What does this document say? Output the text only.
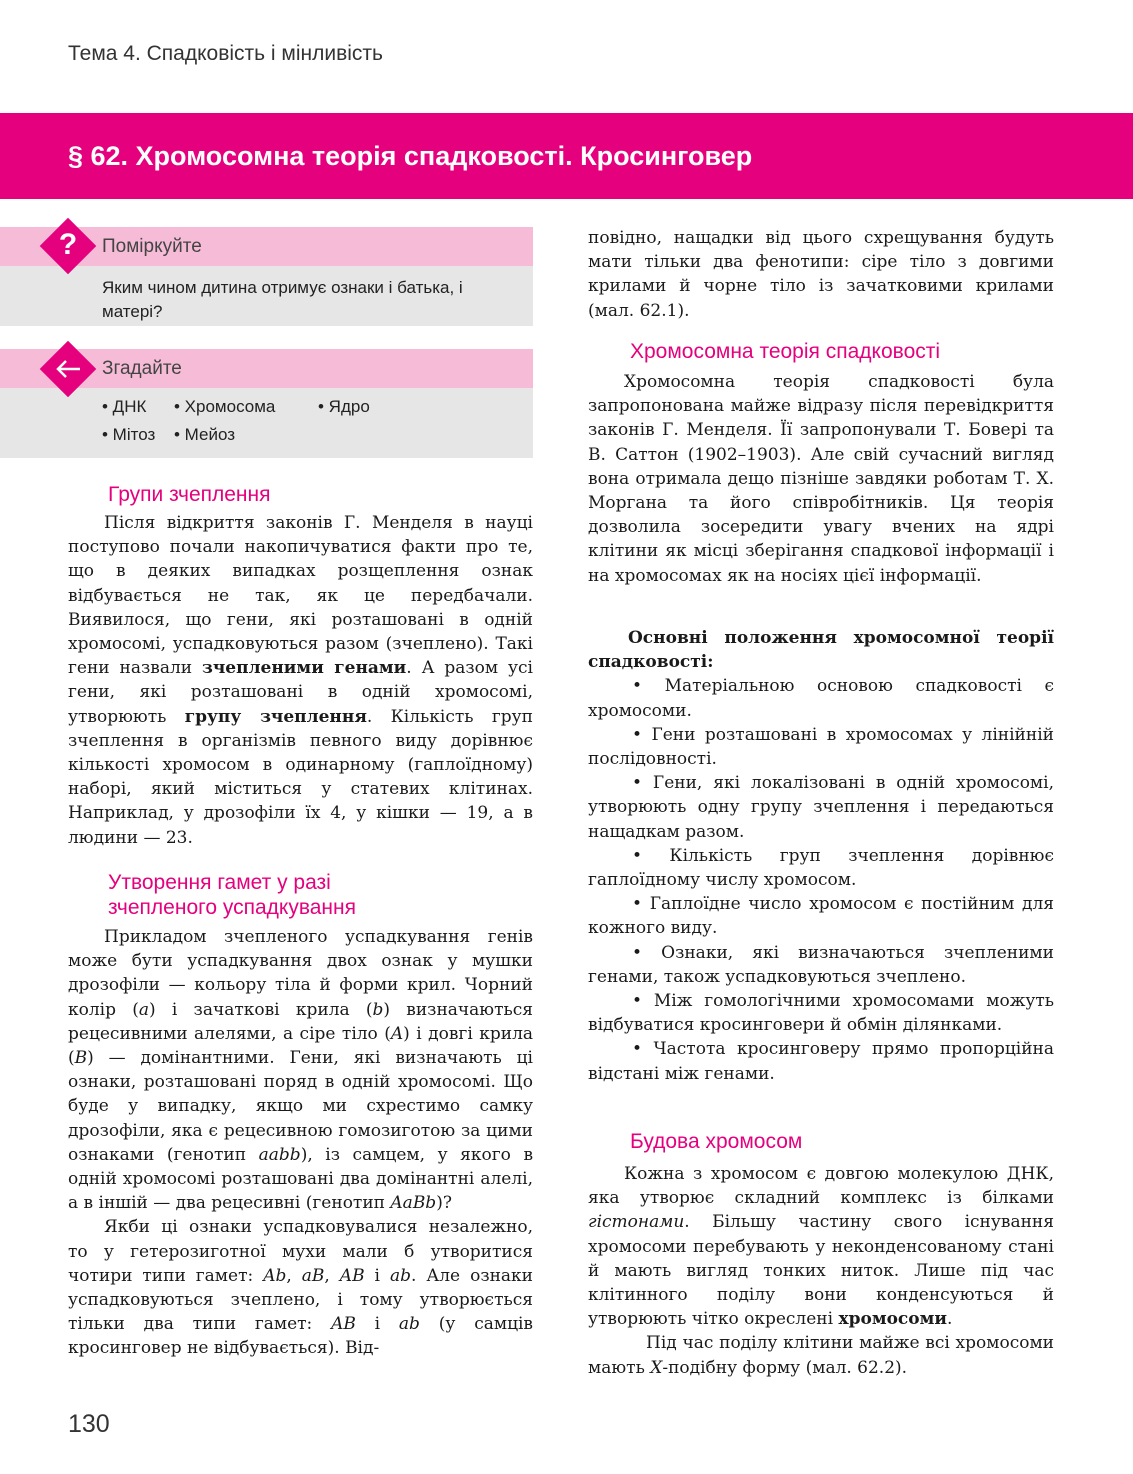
Тема 4. Спадковість і мінливість
§ 62. Хромосомна теорія спадковості. Кросинговер
Поміркуйте
Яким чином дитина отримує ознаки і батька, і матері?
?
Згадайте
• ДНК • Хромосома	• Ядро
• Мітоз • Мейоз
Групи зчеплення

Після відкриття законів Г. Менделя в науці поступово почали накопичуватися факти про те, що в деяких випадках розщеплення ознак відбувається не так, як це передбачали. Виявилося, що гени, які розташовані в одній хромосомі, успадковуються разом (зчеплено). Такі гени назвали зчепленими генами. А разом усі гени, які розташовані в одній хромосомі, утворюють групу зчеплення. Кількість груп зчеплення в організмів певного виду дорівнює кількості хромосом в одинарному (гаплоїдному) наборі, який міститься у статевих клітинах. Наприклад, у дрозофіли їх 4, у кішки — 19, а в людини — 23.

Утворення гамет у разі
зчепленого успадкування

Прикладом зчепленого успадкування генів може бути успадкування двох ознак у мушки дрозофіли — кольору тіла й форми крил. Чорний колір (a) і зачаткові крила (b) визначаються рецесивними алелями, а сіре тіло (A) і довгі крила (B) — домінантними. Гени, які визначають ці ознаки, розташовані поряд в одній хромосомі. Що буде у випадку, якщо ми схрестимо самку дрозофіли, яка є рецесивною гомозиготою за цими ознаками (генотип aabb), із самцем, у якого в одній хромосомі розташовані два домінантні алелі, а в іншій — два рецесивні (генотип AaBb)?

Якби ці ознаки успадковувалися незалежно, то у гетерозиготної мухи мали б утворитися чотири типи гамет: Ab, aB, AB і ab. Але ознаки успадковуються зчеплено, і тому утворюється тільки два типи гамет: AB і ab (у самців кросинговер не відбувається). Від-

повідно, нащадки від цього схрещування будуть мати тільки два фенотипи: сіре тіло з довгими крилами й чорне тіло із зачатковими крилами (мал. 62.1).

Хромосомна теорія спадковості

Хромосомна теорія спадковості була запропонована майже відразу після перевідкриття законів Г. Менделя. Її запропонували Т. Бовері та В. Саттон (1902–1903). Але свій сучасний вигляд вона отримала дещо пізніше завдяки роботам Т. Х. Моргана та його співробітників. Ця теорія дозволила зосередити увагу вчених на ядрі клітини як місці зберігання спадкової інформації і на хромосомах як на носіях цієї інформації.

Основні положення хромосомної теорії спадковості:

• Матеріальною основою спадковості є хромосоми.

• Гени розташовані в хромосомах у лінійній послідовності.

• Гени, які локалізовані в одній хромосомі, утворюють одну групу зчеплення і передаються нащадкам разом.

• Кількість груп зчеплення дорівнює гаплоїдному числу хромосом.

• Гаплоїдне число хромосом є постійним для кожного виду.

• Ознаки, які визначаються зчепленими генами, також успадковуються зчеплено.

• Між гомологічними хромосомами можуть відбуватися кросинговери й обмін ділянками.

• Частота кросинговеру прямо пропорційна відстані між генами.

Будова хромосом

Кожна з хромосом є довгою молекулою ДНК, яка утворює складний комплекс із білками гістонами. Більшу частину свого існування хромосоми перебувають у неконденсованому стані й мають вигляд тонких ниток. Лише під час клітинного поділу вони конденсуються й утворюють чітко окреслені хромосоми.

Під час поділу клітини майже всі хромосоми мають X-подібну форму (мал. 62.2).

130
